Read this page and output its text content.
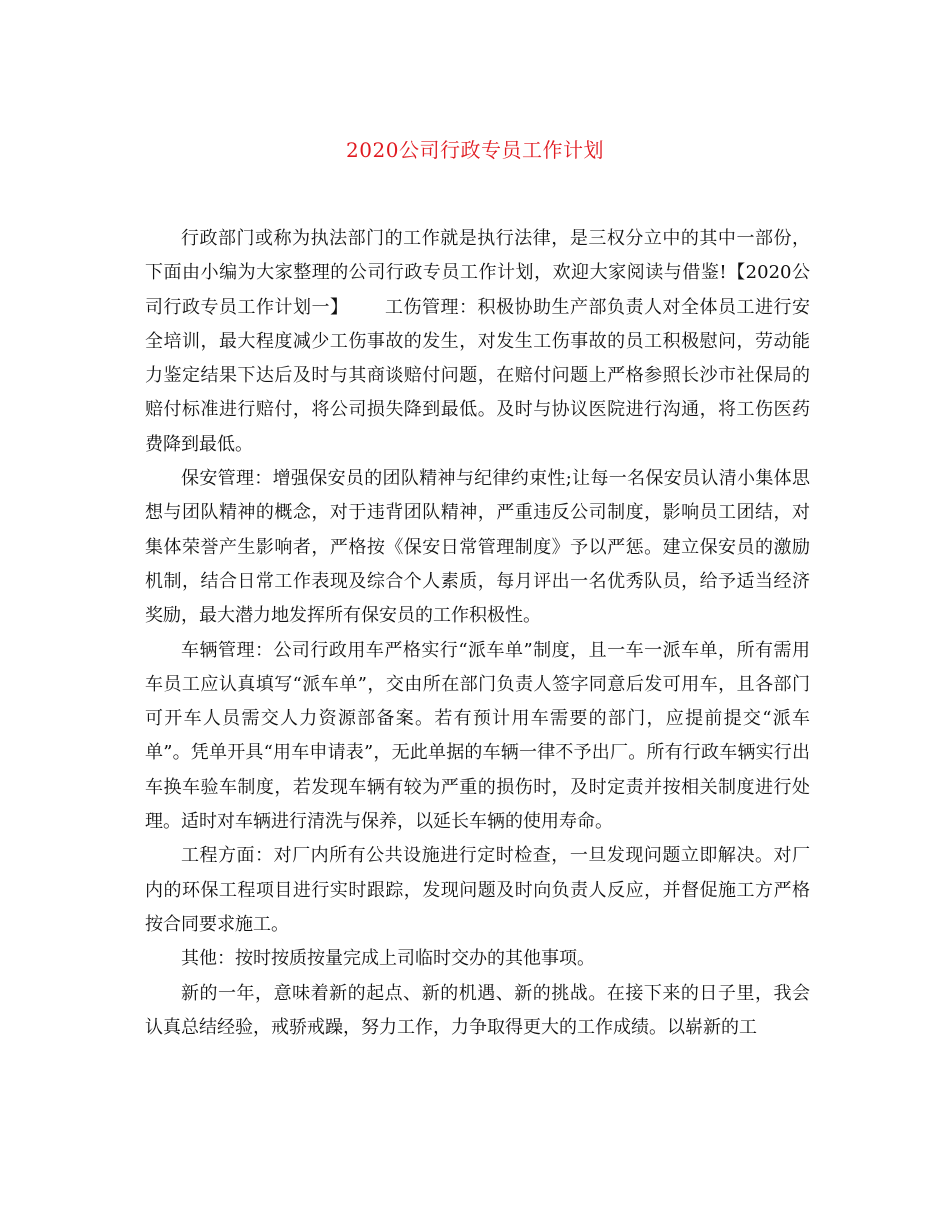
2020公司行政专员工作计划

行政部门或称为执法部门的工作就是执行法律，是三权分立中的其中一部份，下面由小编为大家整理的公司行政专员工作计划，欢迎大家阅读与借鉴!【2020公司行政专员工作计划一】 工伤管理：积极协助生产部负责人对全体员工进行安全培训，最大程度减少工伤事故的发生，对发生工伤事故的员工积极慰问，劳动能力鉴定结果下达后及时与其商谈赔付问题，在赔付问题上严格参照长沙市社保局的赔付标准进行赔付，将公司损失降到最低。及时与协议医院进行沟通，将工伤医药费降到最低。

保安管理：增强保安员的团队精神与纪律约束性;让每一名保安员认清小集体思想与团队精神的概念，对于违背团队精神，严重违反公司制度，影响员工团结，对集体荣誉产生影响者，严格按《保安日常管理制度》予以严惩。建立保安员的激励机制，结合日常工作表现及综合个人素质，每月评出一名优秀队员，给予适当经济奖励，最大潜力地发挥所有保安员的工作积极性。

车辆管理：公司行政用车严格实行“派车单”制度，且一车一派车单，所有需用车员工应认真填写“派车单”，交由所在部门负责人签字同意后发可用车，且各部门可开车人员需交人力资源部备案。若有预计用车需要的部门，应提前提交“派车单”。凭单开具“用车申请表”，无此单据的车辆一律不予出厂。所有行政车辆实行出车换车验车制度，若发现车辆有较为严重的损伤时，及时定责并按相关制度进行处理。适时对车辆进行清洗与保养，以延长车辆的使用寿命。

工程方面：对厂内所有公共设施进行定时检查，一旦发现问题立即解决。对厂内的环保工程项目进行实时跟踪，发现问题及时向负责人反应，并督促施工方严格按合同要求施工。

其他：按时按质按量完成上司临时交办的其他事项。

新的一年，意味着新的起点、新的机遇、新的挑战。在接下来的日子里，我会认真总结经验，戒骄戒躁，努力工作，力争取得更大的工作成绩。以崭新的工
